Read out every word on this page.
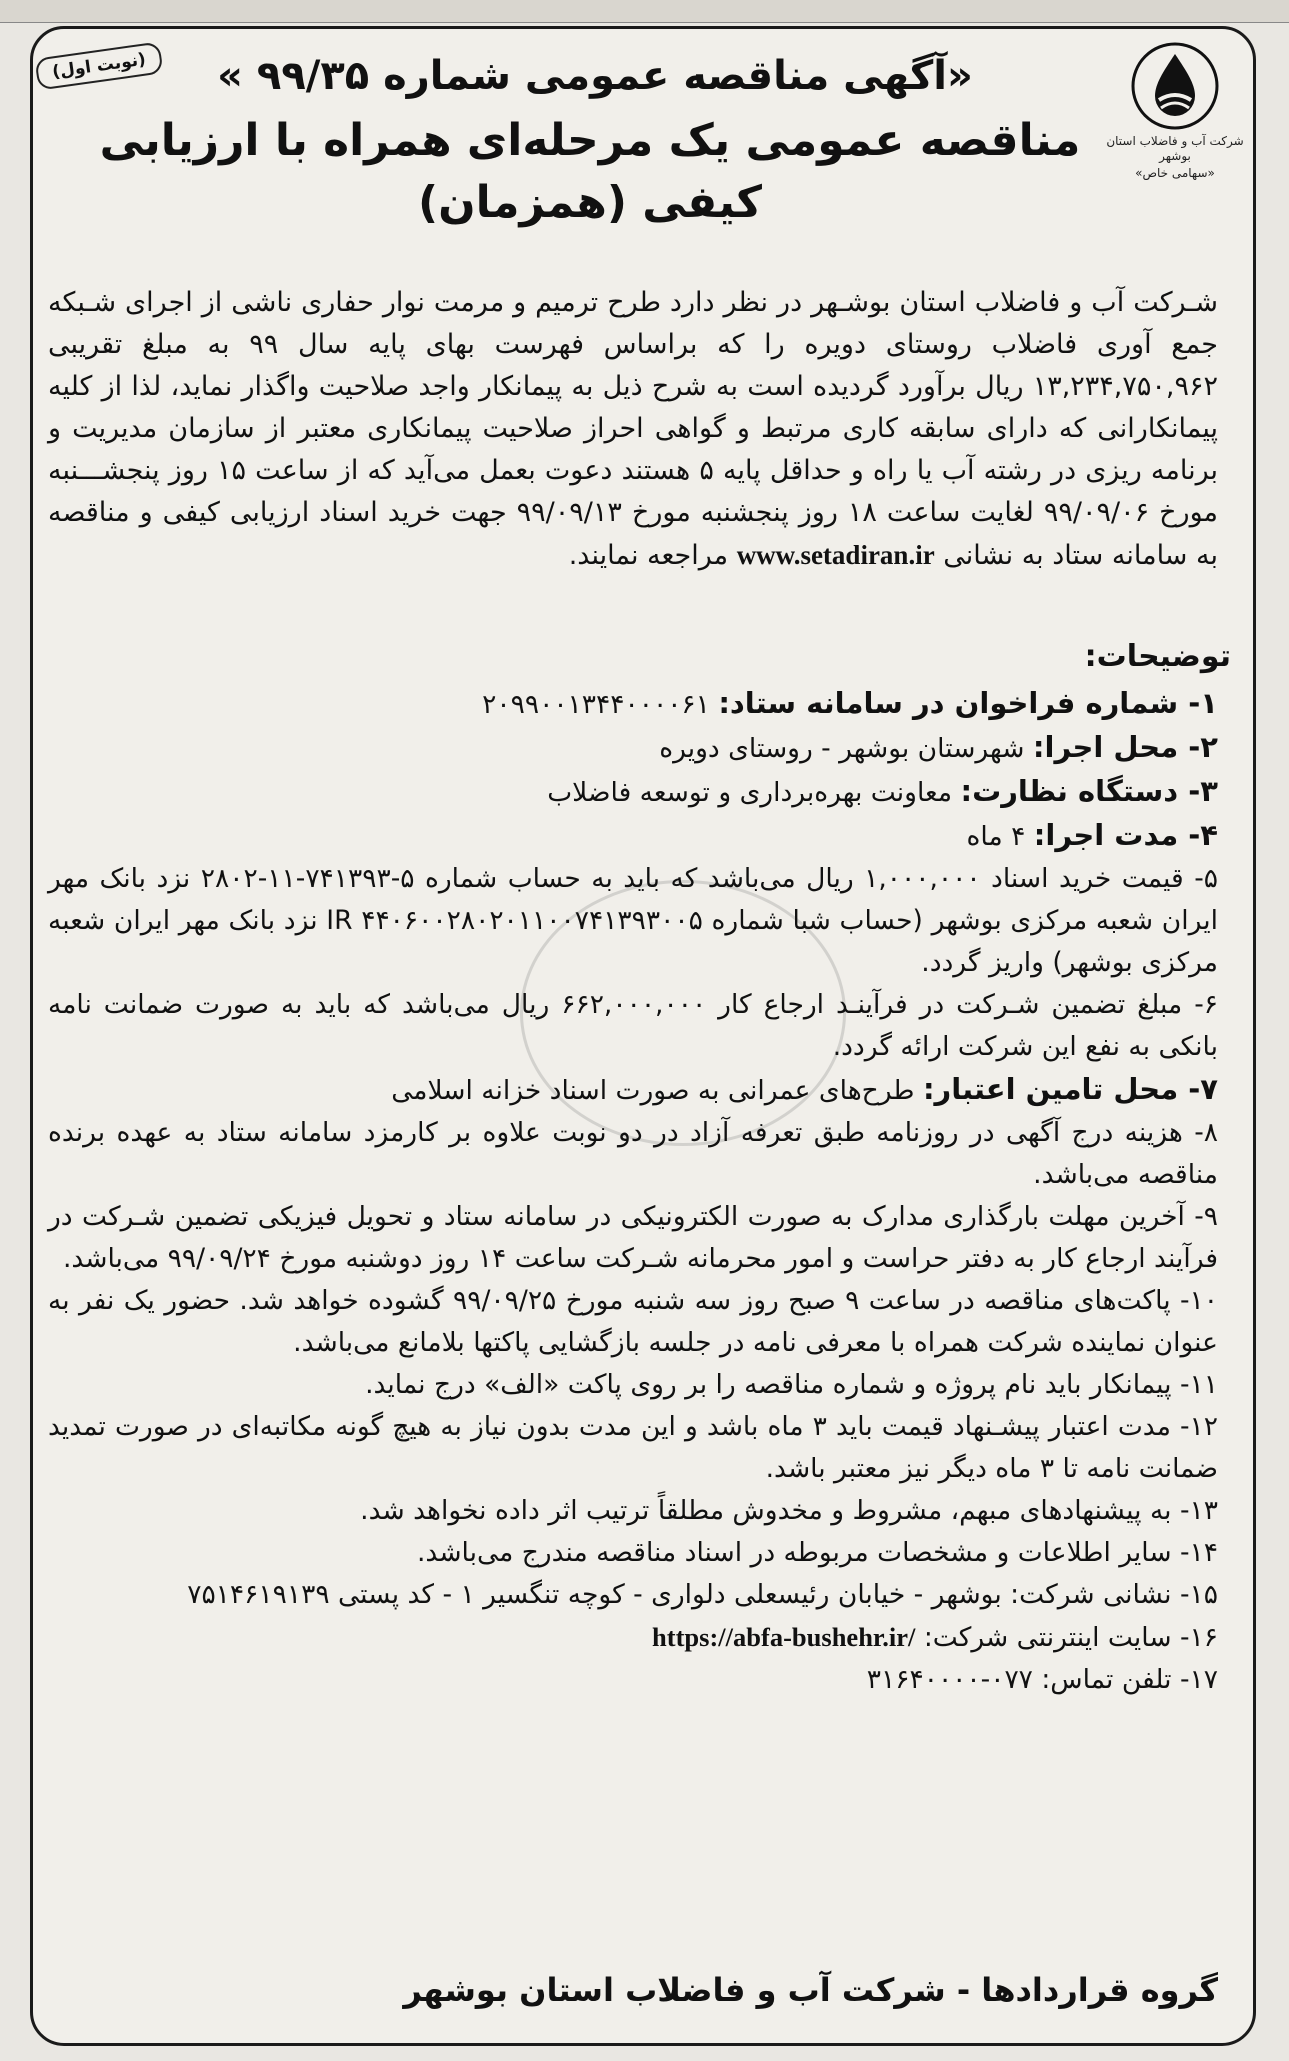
شرکت آب و فاضلاب استان بوشهر
«سهامی خاص»
(نوبت اول)	«آگهی مناقصه عمومی شماره ۹۹/۳۵ »
مناقصه عمومی یک مرحله‌ای همراه با ارزیابی کیفی (همزمان)
شـرکت آب و فاضلاب استان بوشـهر در نظر دارد طرح ترمیم و مرمت نوار حفاری ناشی از اجرای شـبکه جمع آوری فاضلاب روستای دویره را که براساس فهرست بهای پایه سال ۹۹ به مبلغ تقریبی ۱۳,۲۳۴,۷۵۰,۹۶۲ ریال برآورد گردیده است به شرح ذیل به پیمانکار واجد صلاحیت واگذار نماید، لذا از کلیه پیمانکارانی که دارای سابقه کاری مرتبط و گواهی احراز صلاحیت پیمانکاری معتبر از سازمان مدیریت و برنامه ریزی در رشته آب یا راه و حداقل پایه ۵ هستند دعوت بعمل می‌آید که از ساعت ۱۵ روز پنجشـــنبه مورخ ۹۹/۰۹/۰۶ لغایت ساعت ۱۸ روز پنجشنبه مورخ ۹۹/۰۹/۱۳ جهت خرید اسناد ارزیابی کیفی و مناقصه به سامانه ستاد به نشانی www.setadiran.ir مراجعه نمایند.
توضیحات:

۱- شماره فراخوان در سامانه ستاد: ۲۰۹۹۰۰۱۳۴۴۰۰۰۰۶۱

۲- محل اجرا: شهرستان بوشهر - روستای دویره

۳- دستگاه نظارت: معاونت بهره‌برداری و توسعه فاضلاب

۴- مدت اجرا: ۴ ماه

۵- قیمت خرید اسناد ۱,۰۰۰,۰۰۰ ریال می‌باشد که باید به حساب شماره ۵-۷۴۱۳۹۳-۱۱-۲۸۰۲ نزد بانک مهر ایران شعبه مرکزی بوشهر (حساب شبا شماره IR ۴۴۰۶۰۰۲۸۰۲۰۱۱۰۰۷۴۱۳۹۳۰۰۵ نزد بانک مهر ایران شعبه مرکزی بوشهر) واریز گردد.

۶- مبلغ تضمین شـرکت در فرآینـد ارجاع کار ۶۶۲,۰۰۰,۰۰۰ ریال می‌باشد که باید به صورت ضمانت نامه بانکی به نفع این شرکت ارائه گردد.

۷- محل تامین اعتبار: طرح‌های عمرانی به صورت اسناد خزانه اسلامی

۸- هزینه درج آگهی در روزنامه طبق تعرفه آزاد در دو نوبت علاوه بر کارمزد سامانه ستاد به عهده برنده مناقصه می‌باشد.

۹- آخرین مهلت بارگذاری مدارک به صورت الکترونیکی در سامانه ستاد و تحویل فیزیکی تضمین شـرکت در فرآیند ارجاع کار به دفتر حراست و امور محرمانه شـرکت ساعت ۱۴ روز دوشنبه مورخ ۹۹/۰۹/۲۴ می‌باشد.

۱۰- پاکت‌های مناقصه در ساعت ۹ صبح روز سه شنبه مورخ ۹۹/۰۹/۲۵ گشوده خواهد شد. حضور یک نفر به عنوان نماینده شرکت همراه با معرفی نامه در جلسه بازگشایی پاکتها بلامانع می‌باشد.

۱۱- پیمانکار باید نام پروژه و شماره مناقصه را بر روی پاکت «الف» درج نماید.

۱۲- مدت اعتبار پیشـنهاد قیمت باید ۳ ماه باشد و این مدت بدون نیاز به هیچ گونه مکاتبه‌ای در صورت تمدید ضمانت نامه تا ۳ ماه دیگر نیز معتبر باشد.

۱۳- به پیشنهادهای مبهم، مشروط و مخدوش مطلقاً ترتیب اثر داده نخواهد شد.

۱۴- سایر اطلاعات و مشخصات مربوطه در اسناد مناقصه مندرج می‌باشد.

۱۵- نشانی شرکت: بوشهر - خیابان رئیسعلی دلواری - کوچه تنگسیر ۱ - کد پستی ۷۵۱۴۶۱۹۱۳۹

۱۶- سایت اینترنتی شرکت: https://abfa-bushehr.ir/

۱۷- تلفن تماس: ۰۷۷-۳۱۶۴۰۰۰۰

گروه قراردادها - شرکت آب و فاضلاب استان بوشهر
